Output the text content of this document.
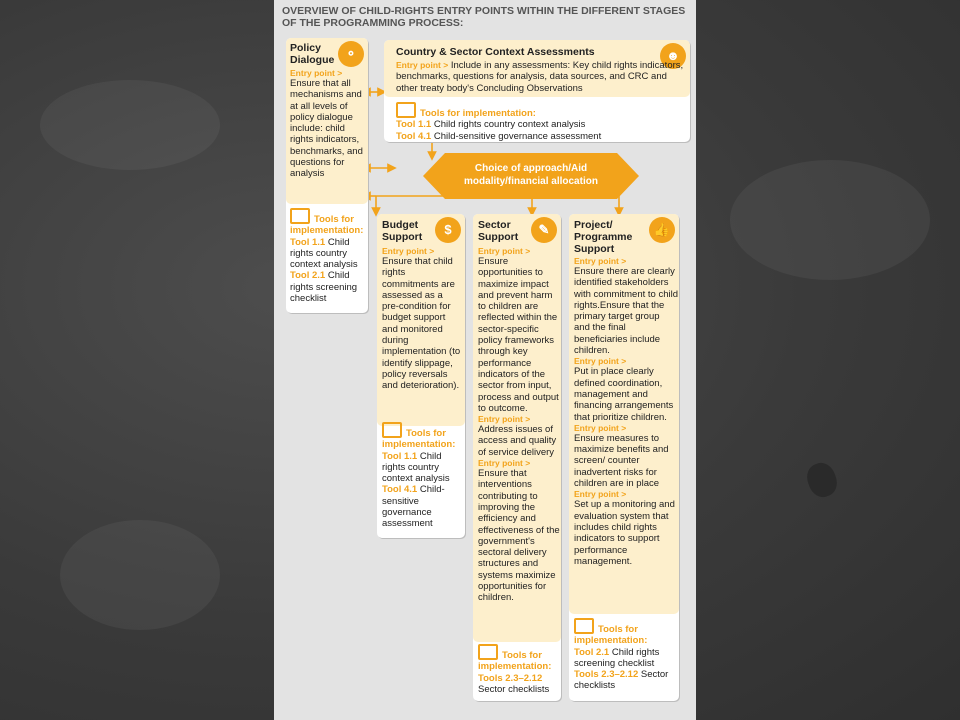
OVERVIEW OF CHILD-RIGHTS ENTRY POINTS WITHIN THE DIFFERENT STAGES OF THE PROGRAMMING PROCESS:
⚬
Policy Dialogue
Entry point >
Ensure that all mechanisms and at all levels of policy dialogue include: child rights indicators, benchmarks, and questions for analysis
Tools for implementation:
Tool 1.1 Child rights country context analysis
Tool 2.1 Child rights screening checklist
☻
Country & Sector Context Assessments
Entry point > Include in any assessments: Key child rights indicators, benchmarks, questions for analysis, data sources, and CRC and other treaty body's Concluding Observations
Tools for implementation:
Tool 1.1 Child rights country context analysis
Tool 4.1 Child-sensitive governance assessment
Choice of approach/Aid modality/financial allocation
$
Budget Support
Entry point >
Ensure that child rights commitments are assessed as a pre-condition for budget support and monitored during implementation (to identify slippage, policy reversals and deterioration).
Tools for implementation:
Tool 1.1 Child rights country context analysis
Tool 4.1 Child-sensitive governance assessment
✎
Sector Support
Entry point >
Ensure opportunities to maximize impact and prevent harm to children are reflected within the sector-specific policy frameworks through key performance indicators of the sector from input, process and output to outcome.
Entry point >
Address issues of access and quality of service delivery
Entry point >
Ensure that interventions contributing to improving the efficiency and effectiveness of the government's sectoral delivery structures and systems maximize opportunities for children.
Tools for implementation:
Tools 2.3–2.12 Sector checklists
👍
Project/ Programme Support
Entry point >
Ensure there are clearly identified stakeholders with commitment to child rights.Ensure that the primary target group and the final beneficiaries include children.
Entry point >
Put in place clearly defined coordination, management and financing arrangements that prioritize children.
Entry point >
Ensure measures to maximize benefits and screen/ counter inadvertent risks for children are in place
Entry point >
Set up a monitoring and evaluation system that includes child rights indicators to support performance management.
Tools for implementation:
Tool 2.1 Child rights screening checklist
Tools 2.3–2.12 Sector checklists
